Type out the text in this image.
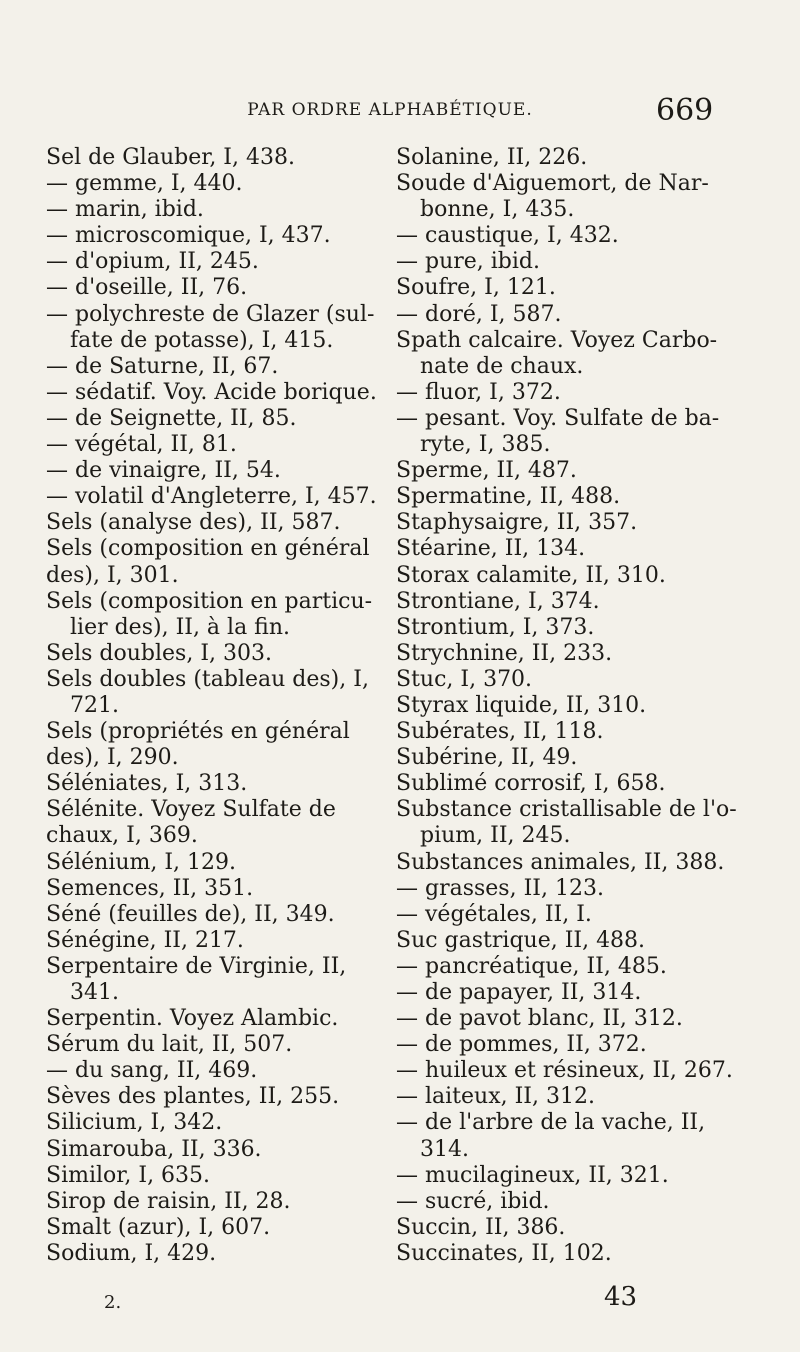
PAR ORDRE ALPHABÉTIQUE.	669

Sel de Glauber, I, 438.

— gemme, I, 440.

— marin, ibid.

— microscomique, I, 437.

— d'opium, II, 245.

— d'oseille, II, 76.

— polychreste de Glazer (sul-

fate de potasse), I, 415.

— de Saturne, II, 67.

— sédatif. Voy. Acide borique.

— de Seignette, II, 85.

— végétal, II, 81.

— de vinaigre, II, 54.

— volatil d'Angleterre, I, 457.

Sels (analyse des), II, 587.

Sels (composition en général

des), I, 301.

Sels (composition en particu-

lier des), II, à la fin.

Sels doubles, I, 303.

Sels doubles (tableau des), I,

721.

Sels (propriétés en général

des), I, 290.

Séléniates, I, 313.

Sélénite. Voyez Sulfate de

chaux, I, 369.

Sélénium, I, 129.

Semences, II, 351.

Séné (feuilles de), II, 349.

Sénégine, II, 217.

Serpentaire de Virginie, II,

341.

Serpentin. Voyez Alambic.

Sérum du lait, II, 507.

— du sang, II, 469.

Sèves des plantes, II, 255.

Silicium, I, 342.

Simarouba, II, 336.

Similor, I, 635.

Sirop de raisin, II, 28.

Smalt (azur), I, 607.

Sodium, I, 429.

Solanine, II, 226.

Soude d'Aiguemort, de Nar-

bonne, I, 435.

— caustique, I, 432.

— pure, ibid.

Soufre, I, 121.

— doré, I, 587.

Spath calcaire. Voyez Carbo-

nate de chaux.

— fluor, I, 372.

— pesant. Voy. Sulfate de ba-

ryte, I, 385.

Sperme, II, 487.

Spermatine, II, 488.

Staphysaigre, II, 357.

Stéarine, II, 134.

Storax calamite, II, 310.

Strontiane, I, 374.

Strontium, I, 373.

Strychnine, II, 233.

Stuc, I, 370.

Styrax liquide, II, 310.

Subérates, II, 118.

Subérine, II, 49.

Sublimé corrosif, I, 658.

Substance cristallisable de l'o-

pium, II, 245.

Substances animales, II, 388.

— grasses, II, 123.

— végétales, II, I.

Suc gastrique, II, 488.

— pancréatique, II, 485.

— de papayer, II, 314.

— de pavot blanc, II, 312.

— de pommes, II, 372.

— huileux et résineux, II, 267.

— laiteux, II, 312.

— de l'arbre de la vache, II,

314.

— mucilagineux, II, 321.

— sucré, ibid.

Succin, II, 386.

Succinates, II, 102.

2.	43
